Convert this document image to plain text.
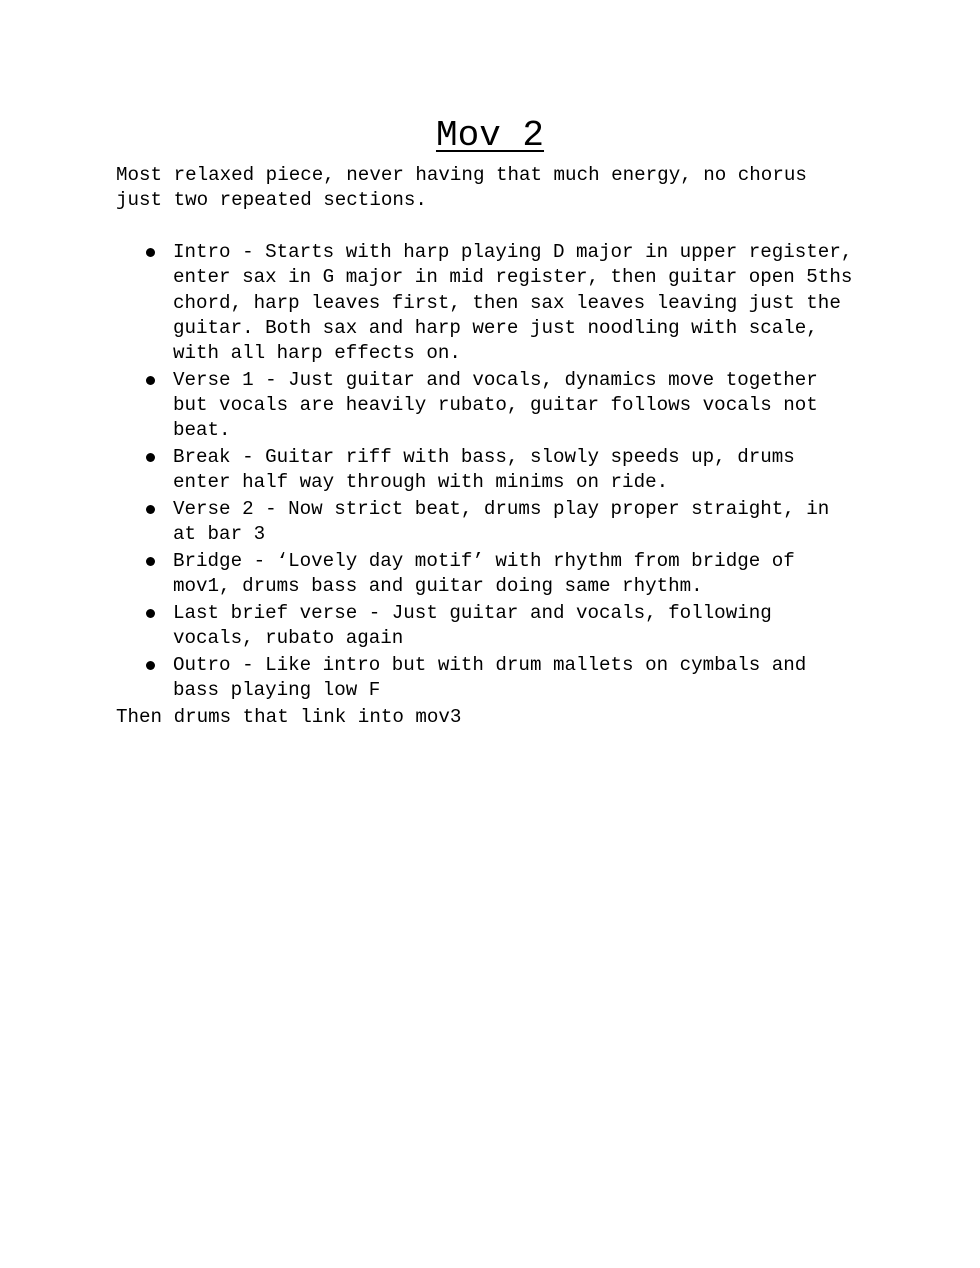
Mov 2

Most relaxed piece, never having that much energy, no chorus
just two repeated sections.

Intro - Starts with harp playing D major in upper register,
enter sax in G major in mid register, then guitar open 5ths
chord, harp leaves first, then sax leaves leaving just the
guitar. Both sax and harp were just noodling with scale,
with all harp effects on.
Verse 1 - Just guitar and vocals, dynamics move together
but vocals are heavily rubato, guitar follows vocals not
beat.
Break - Guitar riff with bass, slowly speeds up, drums
enter half way through with minims on ride.
Verse 2 - Now strict beat, drums play proper straight, in
at bar 3
Bridge - ‘Lovely day motif’ with rhythm from bridge of
mov1, drums bass and guitar doing same rhythm.
Last brief verse - Just guitar and vocals, following
vocals, rubato again
Outro - Like intro but with drum mallets on cymbals and
bass playing low F

Then drums that link into mov3
